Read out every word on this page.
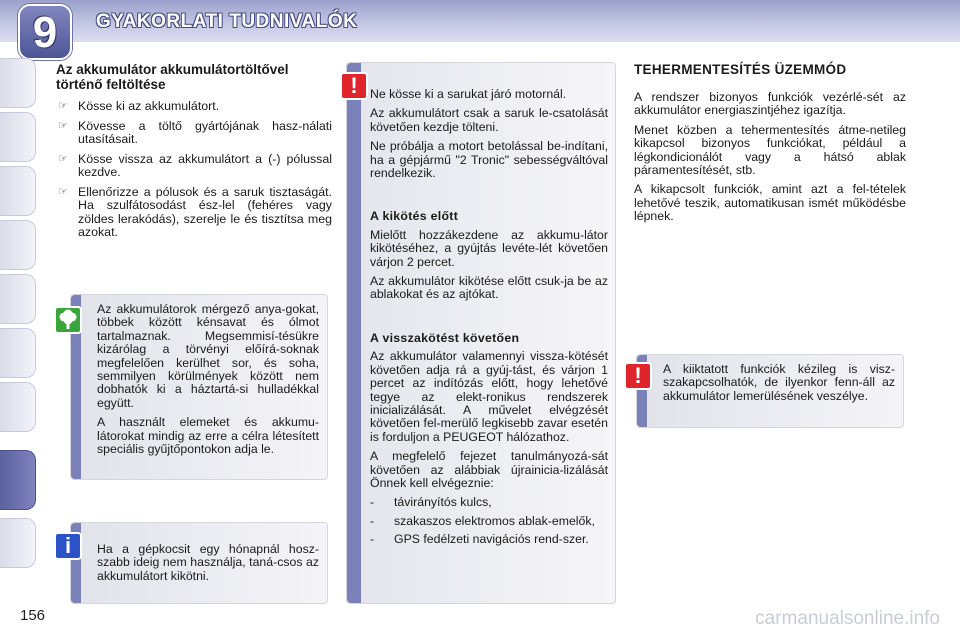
GYAKORLATI TUDNIVALÓK
9
Az akkumulátor akkumulátortöltővel történő feltöltése
☞ Kösse ki az akkumulátort.
☞ Kövesse a töltő gyártójának hasz-nálati utasításait.
☞ Kösse vissza az akkumulátort a (-) pólussal kezdve.
☞ Ellenőrizze a pólusok és a saruk tisztaságát. Ha szulfátosodást ész-lel (fehéres vagy zöldes lerakódás), szerelje le és tisztítsa meg azokat.

Az akkumulátorok mérgező anya-gokat, többek között kénsavat és ólmot tartalmaznak. Megsemmisí-tésükre kizárólag a törvényi előírá-soknak megfelelően kerülhet sor, és soha, semmilyen körülmények között nem dobhatók ki a háztartá-si hulladékkal együtt.

A használt elemeket és akkumu-látorokat mindig az erre a célra létesített speciális gyűjtőpontokon adja le.

Ha a gépkocsit egy hónapnál hosz-szabb ideig nem használja, taná-csos az akkumulátort kikötni.

i

Ne kösse ki a sarukat járó motornál.

Az akkumulátort csak a saruk le-csatolását követően kezdje tölteni.

Ne próbálja a motort betolással be-indítani, ha a gépjármű "2 Tronic" sebességváltóval rendelkezik.

A kikötés előtt

Mielőtt hozzákezdene az akkumu-látor kikötéséhez, a gyújtás levéte-lét követően várjon 2 percet.

Az akkumulátor kikötése előtt csuk-ja be az ablakokat és az ajtókat.

A visszakötést követően

Az akkumulátor valamennyi vissza-kötését követően adja rá a gyúj-tást, és várjon 1 percet az indítózás előtt, hogy lehetővé tegye az elekt-ronikus rendszerek inicializálását. A művelet elvégzését követően fel-merülő legkisebb zavar esetén is forduljon a PEUGEOT hálózathoz.

A megfelelő fejezet tanulmányozá-sát követően az alábbiak újrainicia-lizálását Önnek kell elvégeznie:

- távirányítós kulcs,
- szakaszos elektromos ablak-emelők,
- GPS fedélzeti navigációs rend-szer.
!
TEHERMENTESÍTÉS ÜZEMMÓD

A rendszer bizonyos funkciók vezérlé-sét az akkumulátor energiaszintjéhez igazítja.

Menet közben a tehermentesítés átme-netileg kikapcsol bizonyos funkciókat, például a légkondicionálót vagy a hátsó ablak páramentesítését, stb.

A kikapcsolt funkciók, amint azt a fel-tételek lehetővé teszik, automatikusan ismét működésbe lépnek.

A kiiktatott funkciók kézileg is visz-szakapcsolhatók, de ilyenkor fenn-áll az akkumulátor lemerülésének veszélye.

!
156	carmanualsonline.info
